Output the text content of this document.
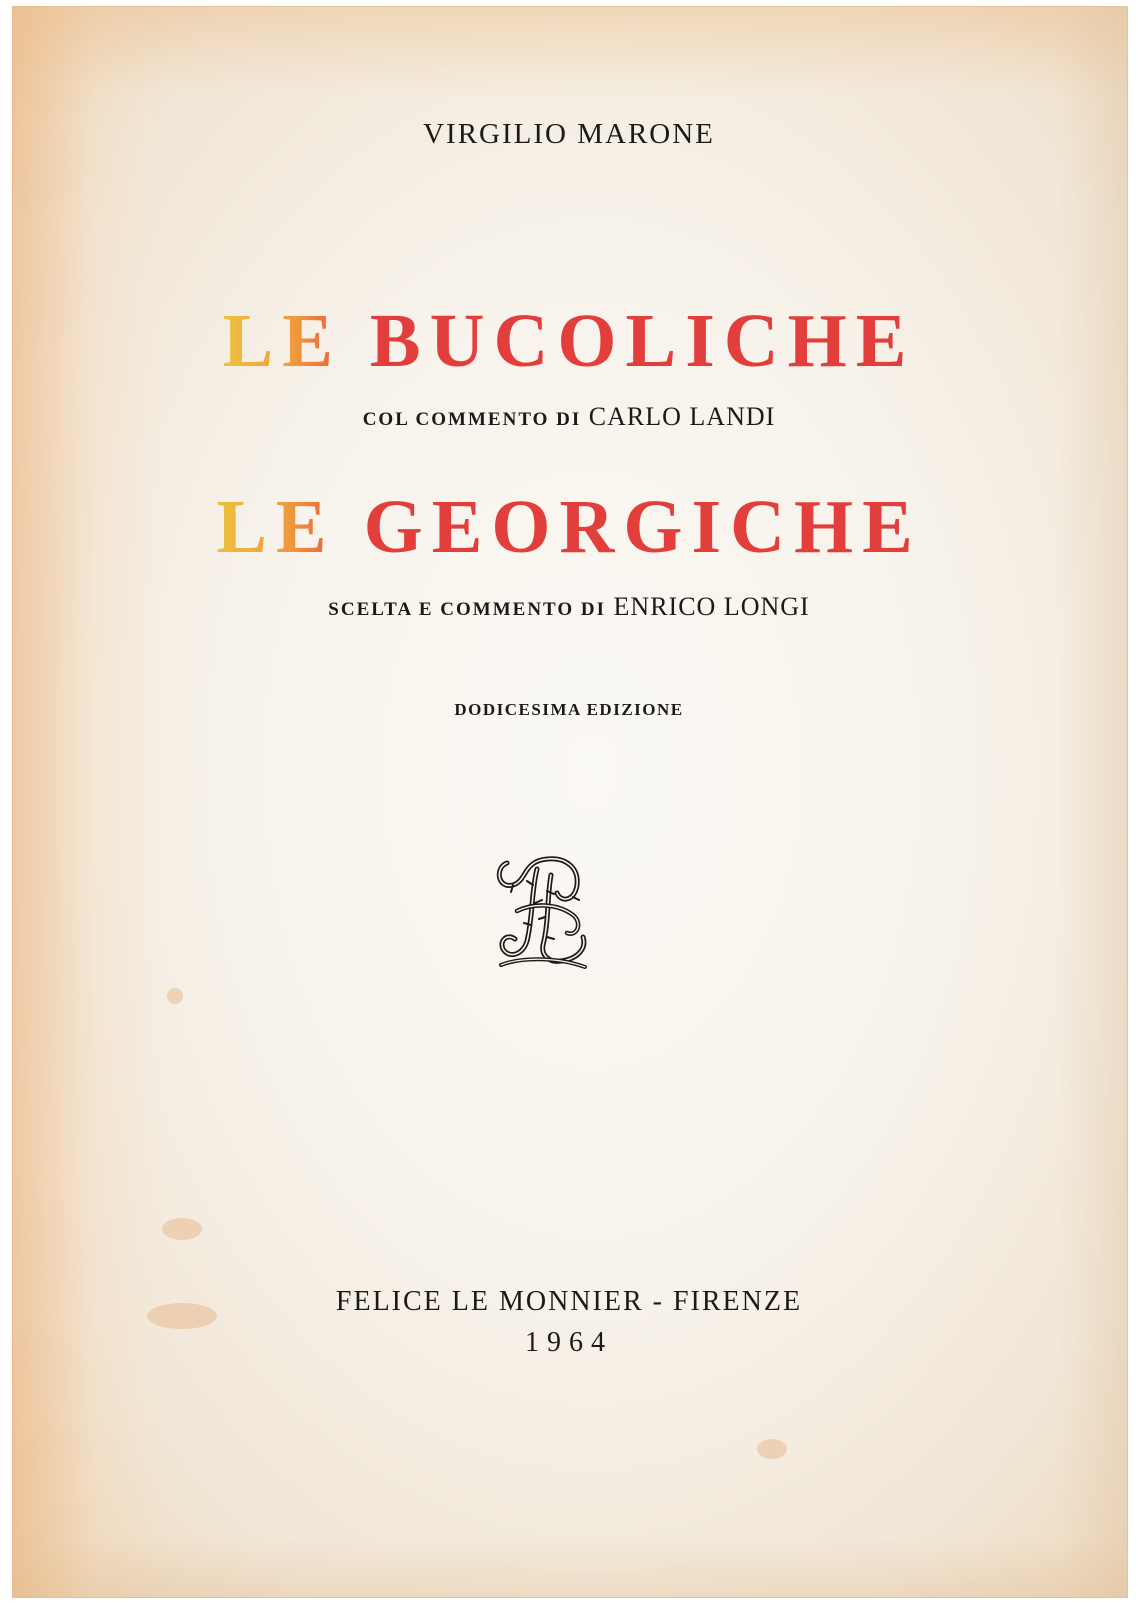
VIRGILIO MARONE

LE BUCOLICHE

COL COMMENTO DI CARLO LANDI

LE GEORGICHE

SCELTA E COMMENTO DI ENRICO LONGI

DODICESIMA EDIZIONE

FELICE LE MONNIER - FIRENZE

1964
